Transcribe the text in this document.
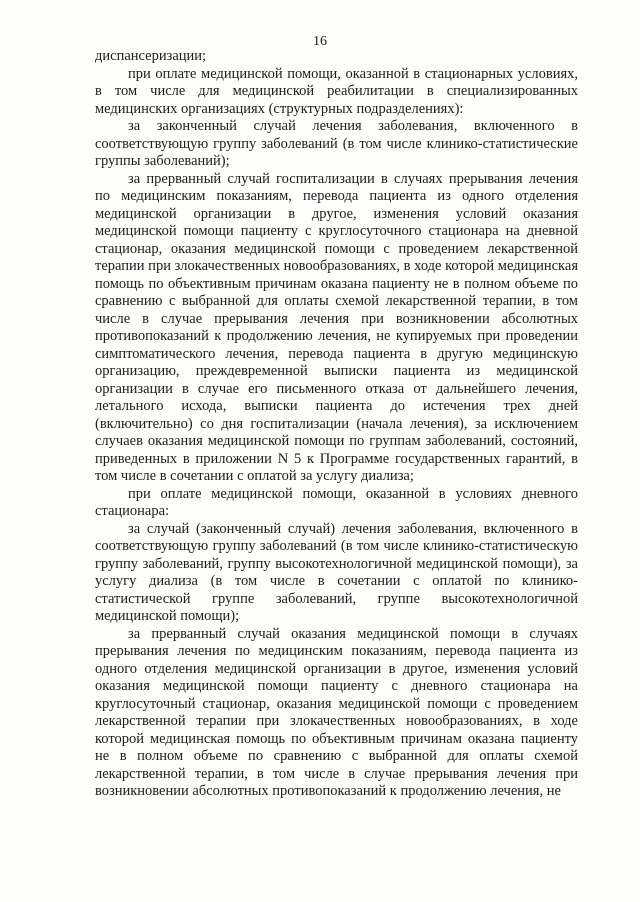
16

диспансеризации;

при оплате медицинской помощи, оказанной в стационарных условиях, в том числе для медицинской реабилитации в специализированных медицинских организациях (структурных подразделениях):

за законченный случай лечения заболевания, включенного в соответствующую группу заболеваний (в том числе клинико-статистические группы заболеваний);

за прерванный случай госпитализации в случаях прерывания лечения по медицинским показаниям, перевода пациента из одного отделения медицинской организации в другое, изменения условий оказания медицинской помощи пациенту с круглосуточного стационара на дневной стационар, оказания медицинской помощи с проведением лекарственной терапии при злокачественных новообразованиях, в ходе которой медицинская помощь по объективным причинам оказана пациенту не в полном объеме по сравнению с выбранной для оплаты схемой лекарственной терапии, в том числе в случае прерывания лечения при возникновении абсолютных противопоказаний к продолжению лечения, не купируемых при проведении симптоматического лечения, перевода пациента в другую медицинскую организацию, преждевременной выписки пациента из медицинской организации в случае его письменного отказа от дальнейшего лечения, летального исхода, выписки пациента до истечения трех дней (включительно) со дня госпитализации (начала лечения), за исключением случаев оказания медицинской помощи по группам заболеваний, состояний, приведенных в приложении N 5 к Программе государственных гарантий, в том числе в сочетании с оплатой за услугу диализа;

при оплате медицинской помощи, оказанной в условиях дневного стационара:

за случай (законченный случай) лечения заболевания, включенного в соответствующую группу заболеваний (в том числе клинико-статистическую группу заболеваний, группу высокотехнологичной медицинской помощи), за услугу диализа (в том числе в сочетании с оплатой по клинико-статистической группе заболеваний, группе высокотехнологичной медицинской помощи);

за прерванный случай оказания медицинской помощи в случаях прерывания лечения по медицинским показаниям, перевода пациента из одного отделения медицинской организации в другое, изменения условий оказания медицинской помощи пациенту с дневного стационара на круглосуточный стационар, оказания медицинской помощи с проведением лекарственной терапии при злокачественных новообразованиях, в ходе которой медицинская помощь по объективным причинам оказана пациенту не в полном объеме по сравнению с выбранной для оплаты схемой лекарственной терапии, в том числе в случае прерывания лечения при возникновении абсолютных противопоказаний к продолжению лечения, не
